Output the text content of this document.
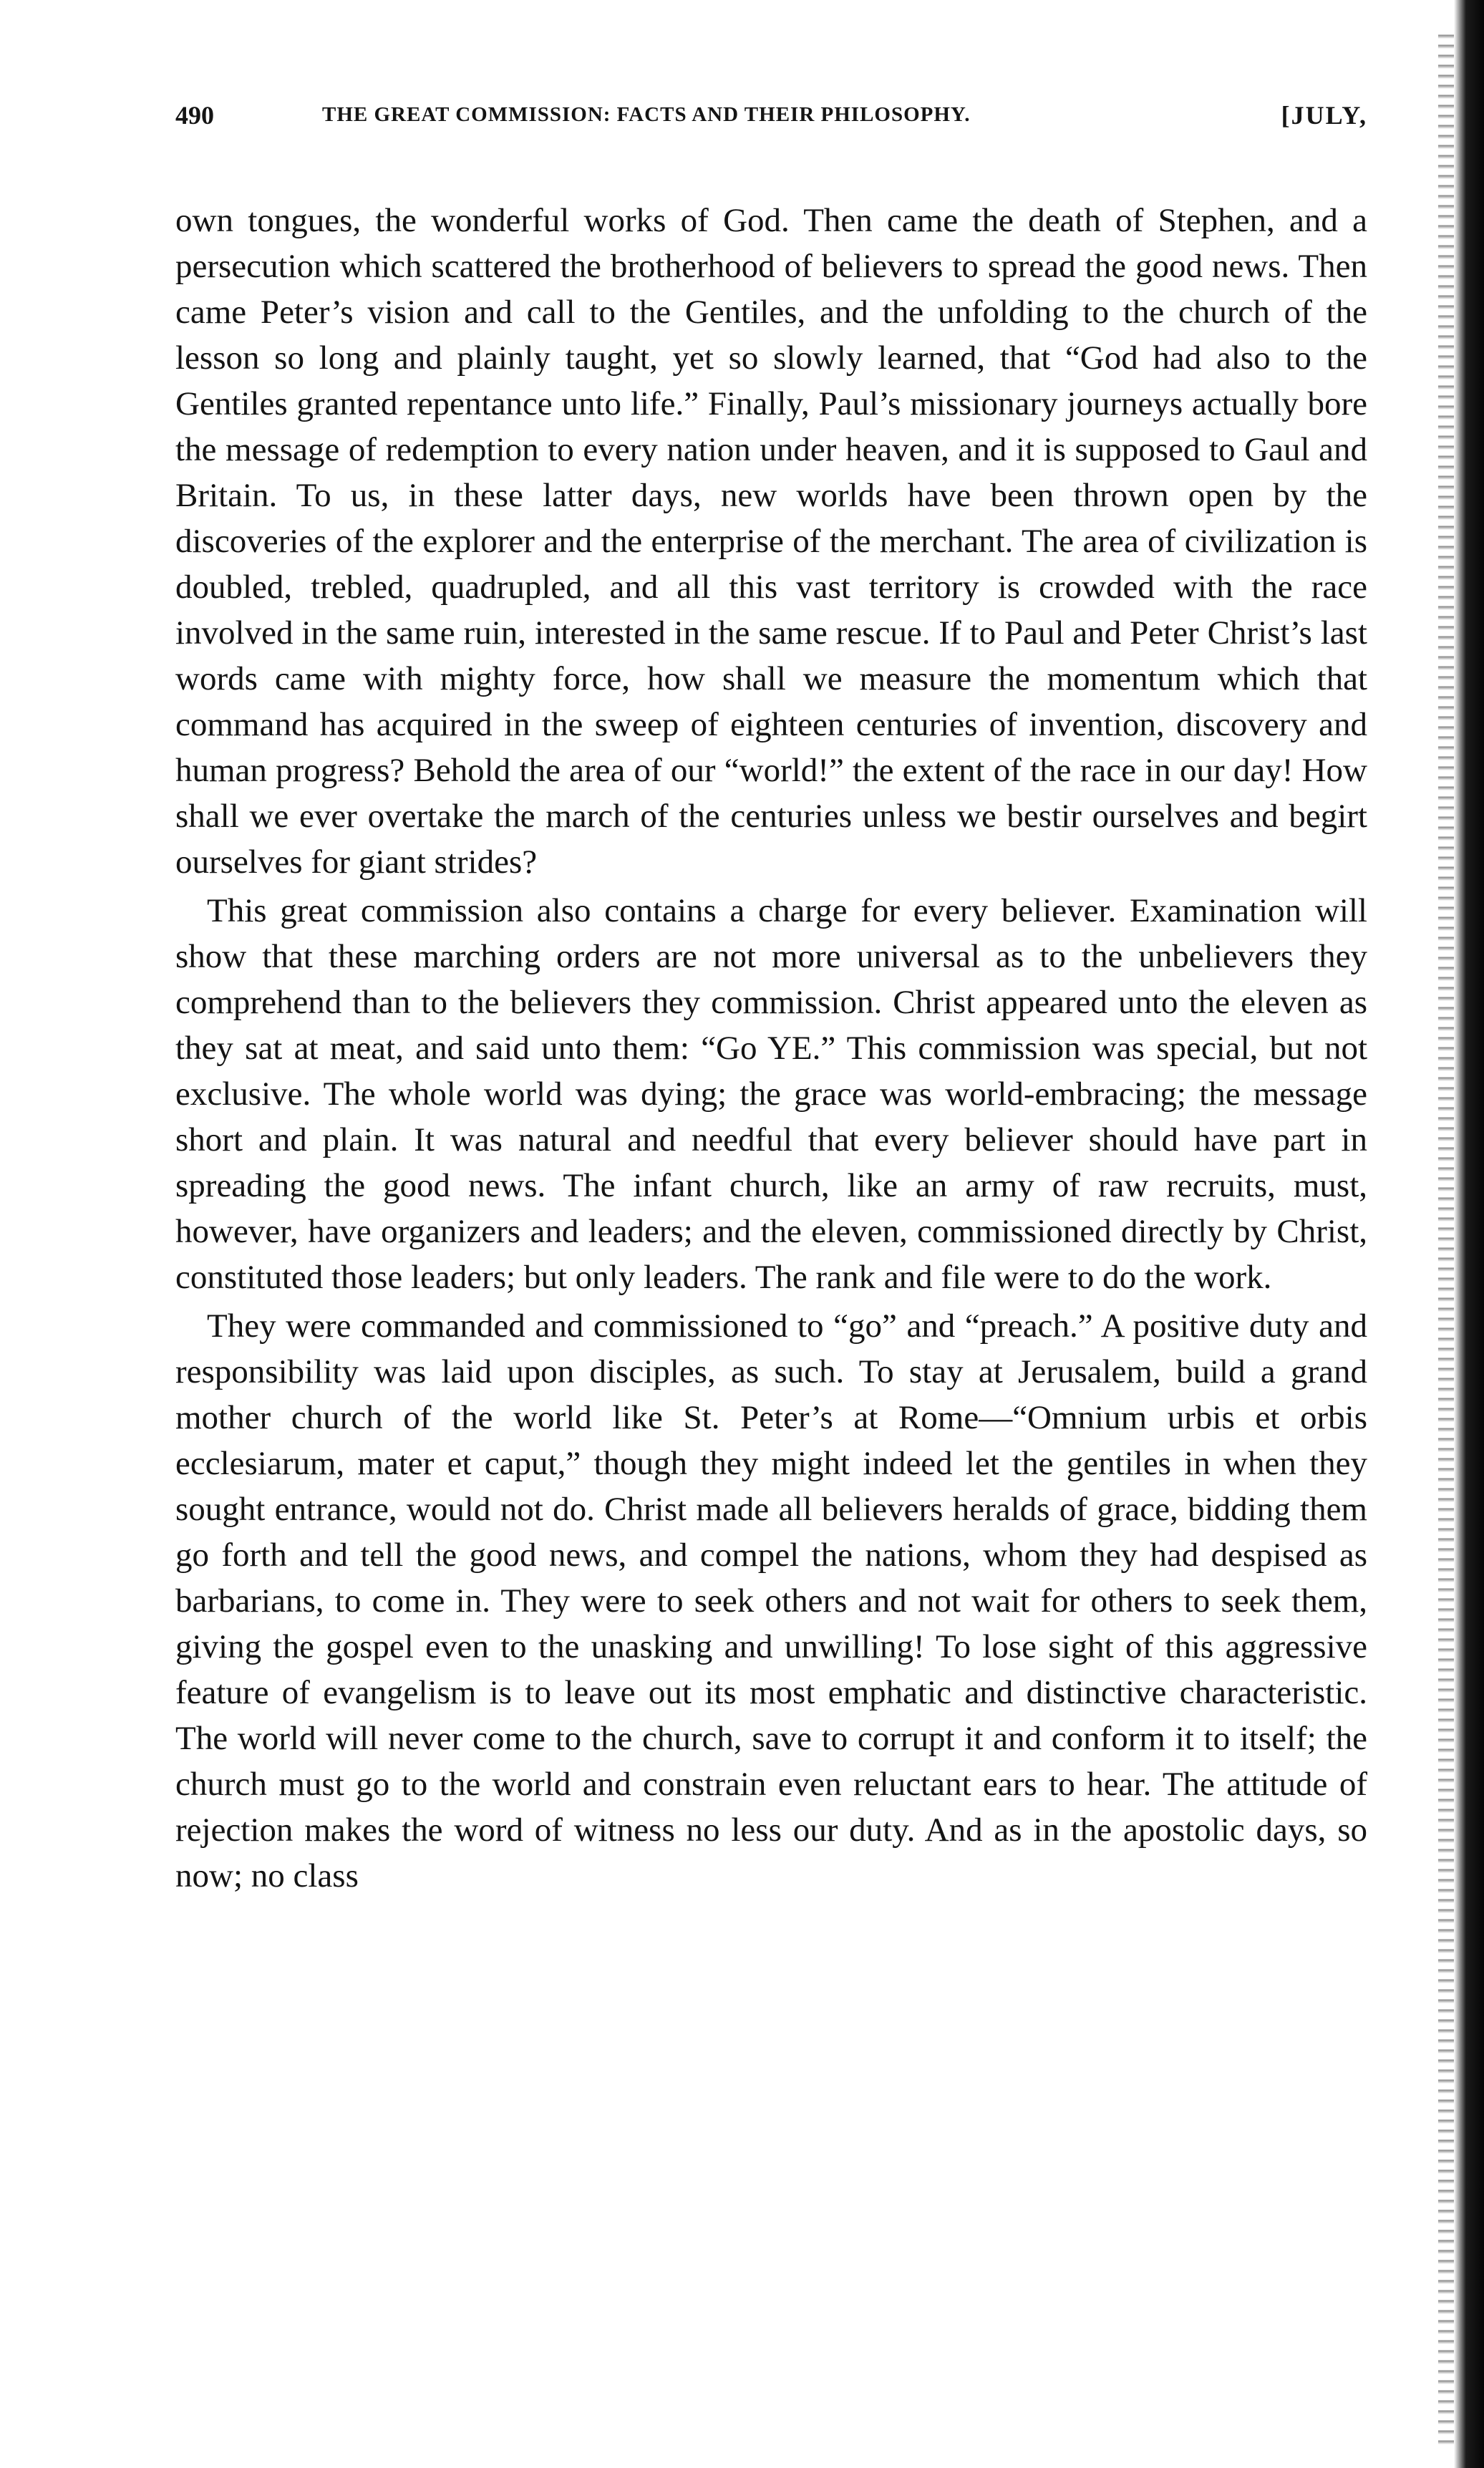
490	THE GREAT COMMISSION: FACTS AND THEIR PHILOSOPHY.	[JULY,

own tongues, the wonderful works of God. Then came the death of Stephen, and a persecution which scattered the brotherhood of believers to spread the good news. Then came Peter’s vision and call to the Gentiles, and the unfolding to the church of the lesson so long and plainly taught, yet so slowly learned, that “God had also to the Gentiles granted repentance unto life.” Finally, Paul’s missionary journeys actually bore the message of redemption to every nation under heaven, and it is supposed to Gaul and Britain. To us, in these latter days, new worlds have been thrown open by the discoveries of the explorer and the enterprise of the merchant. The area of civilization is doubled, trebled, quadrupled, and all this vast territory is crowded with the race involved in the same ruin, interested in the same rescue. If to Paul and Peter Christ’s last words came with mighty force, how shall we measure the momentum which that command has acquired in the sweep of eighteen centuries of invention, discovery and human progress? Behold the area of our “world!” the extent of the race in our day! How shall we ever overtake the march of the centuries unless we bestir ourselves and begirt ourselves for giant strides?

This great commission also contains a charge for every believer. Examination will show that these marching orders are not more universal as to the unbelievers they comprehend than to the believers they commission. Christ appeared unto the eleven as they sat at meat, and said unto them: “Go YE.” This commission was special, but not exclusive. The whole world was dying; the grace was world-embracing; the message short and plain. It was natural and needful that every believer should have part in spreading the good news. The infant church, like an army of raw recruits, must, however, have organizers and leaders; and the eleven, commissioned directly by Christ, constituted those leaders; but only leaders. The rank and file were to do the work.

They were commanded and commissioned to “go” and “preach.” A positive duty and responsibility was laid upon disciples, as such. To stay at Jerusalem, build a grand mother church of the world like St. Peter’s at Rome—“Omnium urbis et orbis ecclesiarum, mater et caput,” though they might indeed let the gentiles in when they sought entrance, would not do. Christ made all believers heralds of grace, bidding them go forth and tell the good news, and compel the nations, whom they had despised as barbarians, to come in. They were to seek others and not wait for others to seek them, giving the gospel even to the unasking and unwilling! To lose sight of this aggressive feature of evangelism is to leave out its most emphatic and distinctive characteristic. The world will never come to the church, save to corrupt it and conform it to itself; the church must go to the world and constrain even reluctant ears to hear. The attitude of rejection makes the word of witness no less our duty. And as in the apostolic days, so now; no class
